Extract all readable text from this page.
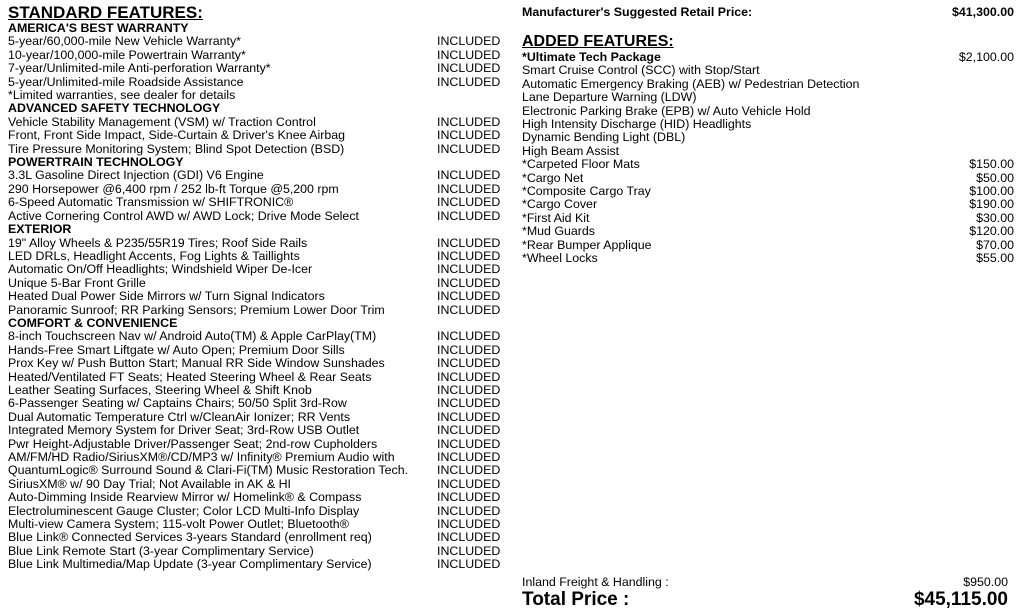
STANDARD FEATURES:
AMERICA'S BEST WARRANTY
5-year/60,000-mile New Vehicle Warranty*	INCLUDED
10-year/100,000-mile Powertrain Warranty*	INCLUDED
7-year/Unlimited-mile Anti-perforation Warranty*	INCLUDED
5-year/Unlimited-mile Roadside Assistance	INCLUDED
*Limited warranties, see dealer for details
ADVANCED SAFETY TECHNOLOGY
Vehicle Stability Management (VSM) w/ Traction Control	INCLUDED
Front, Front Side Impact, Side-Curtain & Driver's Knee Airbag	INCLUDED
Tire Pressure Monitoring System; Blind Spot Detection (BSD)	INCLUDED
POWERTRAIN TECHNOLOGY
3.3L Gasoline Direct Injection (GDI) V6 Engine	INCLUDED
290 Horsepower @6,400 rpm / 252 lb-ft Torque @5,200 rpm	INCLUDED
6-Speed Automatic Transmission w/ SHIFTRONIC®	INCLUDED
Active Cornering Control AWD w/ AWD Lock; Drive Mode Select	INCLUDED
EXTERIOR
19" Alloy Wheels & P235/55R19 Tires; Roof Side Rails	INCLUDED
LED DRLs, Headlight Accents, Fog Lights & Taillights	INCLUDED
Automatic On/Off Headlights; Windshield Wiper De-Icer	INCLUDED
Unique 5-Bar Front Grille	INCLUDED
Heated Dual Power Side Mirrors w/ Turn Signal Indicators	INCLUDED
Panoramic Sunroof; RR Parking Sensors; Premium Lower Door Trim	INCLUDED
COMFORT & CONVENIENCE
8-inch Touchscreen Nav w/ Android Auto(TM) & Apple CarPlay(TM)	INCLUDED
Hands-Free Smart Liftgate w/ Auto Open; Premium Door Sills	INCLUDED
Prox Key w/ Push Button Start; Manual RR Side Window Sunshades	INCLUDED
Heated/Ventilated FT Seats; Heated Steering Wheel & Rear Seats	INCLUDED
Leather Seating Surfaces, Steering Wheel & Shift Knob	INCLUDED
6-Passenger Seating w/ Captains Chairs; 50/50 Split 3rd-Row	INCLUDED
Dual Automatic Temperature Ctrl w/CleanAir Ionizer; RR Vents	INCLUDED
Integrated Memory System for Driver Seat; 3rd-Row USB Outlet	INCLUDED
Pwr Height-Adjustable Driver/Passenger Seat; 2nd-row Cupholders	INCLUDED
AM/FM/HD Radio/SiriusXM®/CD/MP3 w/ Infinity® Premium Audio with	INCLUDED
QuantumLogic® Surround Sound & Clari-Fi(TM) Music Restoration Tech. INCLUDED
SiriusXM® w/ 90 Day Trial; Not Available in AK & HI	INCLUDED
Auto-Dimming Inside Rearview Mirror w/ Homelink® & Compass	INCLUDED
Electroluminescent Gauge Cluster; Color LCD Multi-Info Display	INCLUDED
Multi-view Camera System; 115-volt Power Outlet; Bluetooth®	INCLUDED
Blue Link® Connected Services 3-years Standard (enrollment req)	INCLUDED
Blue Link Remote Start (3-year Complimentary Service)	INCLUDED
Blue Link Multimedia/Map Update (3-year Complimentary Service)	INCLUDED
Manufacturer's Suggested Retail Price:	$41,300.00
ADDED FEATURES:
*Ultimate Tech Package	$2,100.00
Smart Cruise Control (SCC) with Stop/Start
Automatic Emergency Braking (AEB) w/ Pedestrian Detection
Lane Departure Warning (LDW)
Electronic Parking Brake (EPB) w/ Auto Vehicle Hold
High Intensity Discharge (HID) Headlights
Dynamic Bending Light (DBL)
High Beam Assist
*Carpeted Floor Mats	$150.00
*Cargo Net	$50.00
*Composite Cargo Tray	$100.00
*Cargo Cover	$190.00
*First Aid Kit	$30.00
*Mud Guards	$120.00
*Rear Bumper Applique	$70.00
*Wheel Locks	$55.00
Inland Freight & Handling :	$950.00
Total Price :	$45,115.00
